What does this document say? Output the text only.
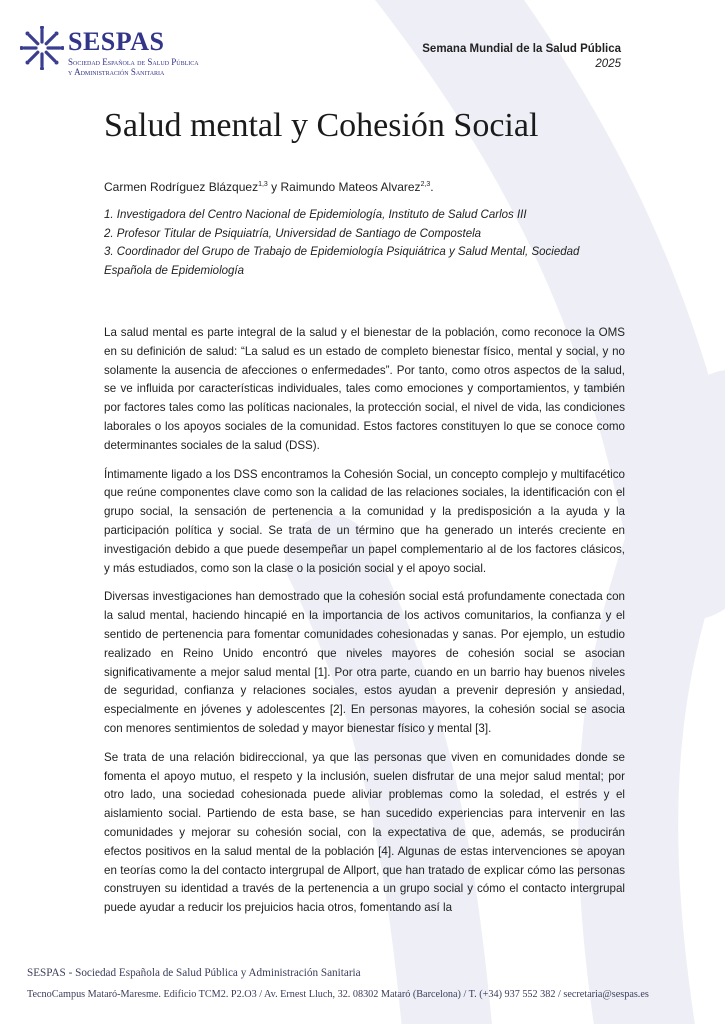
SESPAS
Sociedad Española de Salud Pública
y Administración Sanitaria
Semana Mundial de la Salud Pública
2025
Salud mental y Cohesión Social
Carmen Rodríguez Blázquez$^{1,3}$ y Raimundo Mateos Alvarez$^{2,3}$.
1. Investigadora del Centro Nacional de Epidemiología, Instituto de Salud Carlos III
2. Profesor Titular de Psiquiatría, Universidad de Santiago de Compostela
3. Coordinador del Grupo de Trabajo de Epidemiología Psiquiátrica y Salud Mental, Sociedad Española de Epidemiología

La salud mental es parte integral de la salud y el bienestar de la población, como reconoce la OMS en su definición de salud: “La salud es un estado de completo bienestar físico, mental y social, y no solamente la ausencia de afecciones o enfermedades”. Por tanto, como otros aspectos de la salud, se ve influida por características individuales, tales como emociones y comportamientos, y también por factores tales como las políticas nacionales, la protección social, el nivel de vida, las condiciones laborales o los apoyos sociales de la comunidad. Estos factores constituyen lo que se conoce como determinantes sociales de la salud (DSS).

Íntimamente ligado a los DSS encontramos la Cohesión Social, un concepto complejo y multifacético que reúne componentes clave como son la calidad de las relaciones sociales, la identificación con el grupo social, la sensación de pertenencia a la comunidad y la predisposición a la ayuda y la participación política y social. Se trata de un término que ha generado un interés creciente en investigación debido a que puede desempeñar un papel complementario al de los factores clásicos, y más estudiados, como son la clase o la posición social y el apoyo social.

Diversas investigaciones han demostrado que la cohesión social está profundamente conectada con la salud mental, haciendo hincapié en la importancia de los activos comunitarios, la confianza y el sentido de pertenencia para fomentar comunidades cohesionadas y sanas. Por ejemplo, un estudio realizado en Reino Unido encontró que niveles mayores de cohesión social se asocian significativamente a mejor salud mental [1]. Por otra parte, cuando en un barrio hay buenos niveles de seguridad, confianza y relaciones sociales, estos ayudan a prevenir depresión y ansiedad, especialmente en jóvenes y adolescentes [2]. En personas mayores, la cohesión social se asocia con menores sentimientos de soledad y mayor bienestar físico y mental [3].

Se trata de una relación bidireccional, ya que las personas que viven en comunidades donde se fomenta el apoyo mutuo, el respeto y la inclusión, suelen disfrutar de una mejor salud mental; por otro lado, una sociedad cohesionada puede aliviar problemas como la soledad, el estrés y el aislamiento social. Partiendo de esta base, se han sucedido experiencias para intervenir en las comunidades y mejorar su cohesión social, con la expectativa de que, además, se producirán efectos positivos en la salud mental de la población [4]. Algunas de estas intervenciones se apoyan en teorías como la del contacto intergrupal de Allport, que han tratado de explicar cómo las personas construyen su identidad a través de la pertenencia a un grupo social y cómo el contacto intergrupal puede ayudar a reducir los prejuicios hacia otros, fomentando así la

SESPAS - Sociedad Española de Salud Pública y Administración Sanitaria
TecnoCampus Mataró-Maresme. Edificio TCM2. P2.O3 / Av. Ernest Lluch, 32. 08302 Mataró (Barcelona) / T. (+34) 937 552 382 / secretaria@sespas.es
